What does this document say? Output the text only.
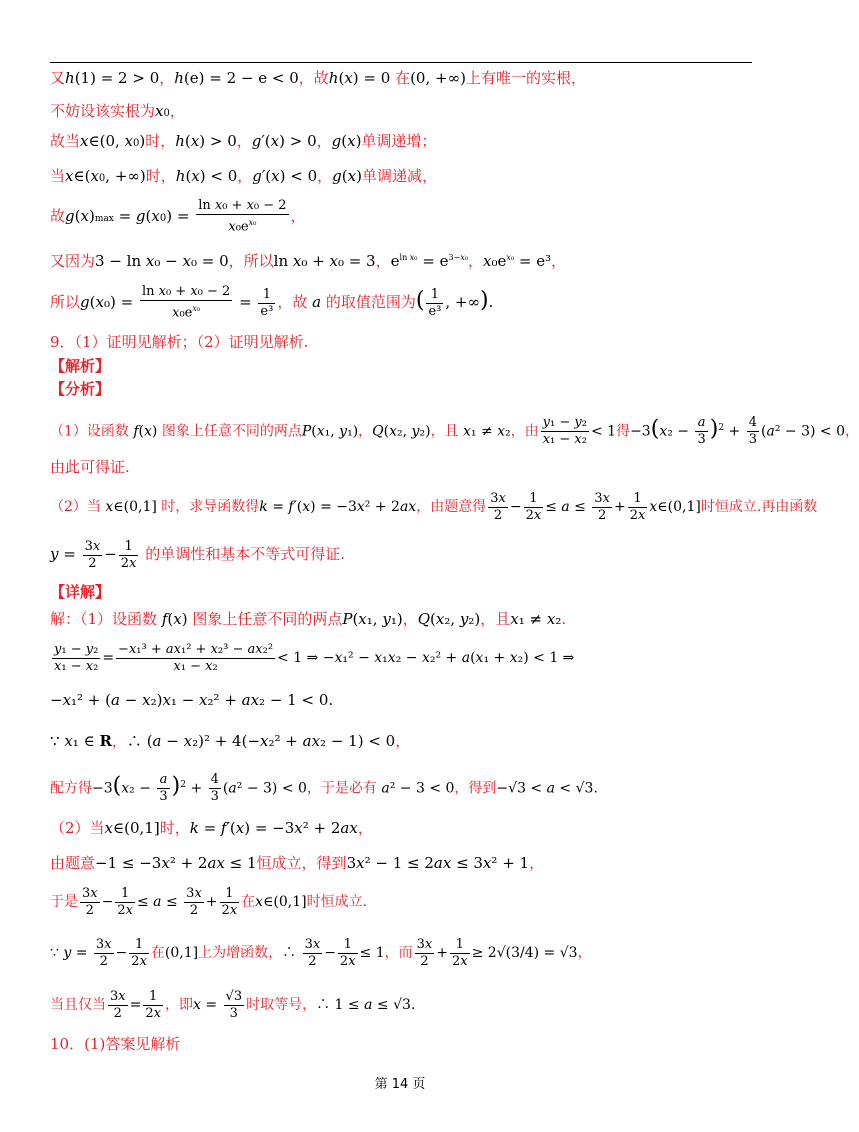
又h(1) = 2 > 0，h(e) = 2 − e < 0，故h(x) = 0 在(0, +∞)上有唯一的实根，
不妨设该实根为x0，
故当x∈(0, x0)时，h(x) > 0，g′(x) > 0，g(x)单调递增；
当x∈(x0, +∞)时，h(x) < 0，g′(x) < 0，g(x)单调递减，
故$g(x)\max = g(x0) = \frac{\text{ln x₀ + x₀ − 2}}{x_0e^{x_0}}$ ，
又因为3 − ln x₀ − x₀ = 0，所以ln x₀ + x₀ = 3，$e^{ln x_0} = e^{3-x_0}$，$x_0e^{x_0} = e^3$，
所以$g(x_0) = \frac{\text{ln x₀ + x₀ − 2}}{x_0e^{x_0}} = \frac{1}{\text{e³}}$ ，故 a 的取值范围为( $\frac{1}{\text{e³}}$ , +∞).
9．（1）证明见解析；（2）证明见解析.
【解析】
【分析】
（1）设函数 f(x) 图象上任意不同的两点P(x₁, y₁)，Q(x₂, y₂)，且 x₁ ≠ x₂，由 $\frac{\text{y₁ − y₂}}{\text{x₁ − x₂}} < 1$得$-3(x_2 - \frac{a}{3} )^2 + \frac{4}{3} (a^2 - 3) < 0$，
由此可得证.
（2）当 x∈(0,1] 时，求导函数得k = f′(x) = −3x² + 2ax，由题意得 $\frac{3x}{2} - \frac{1}{2x} \le a \le \frac{3x}{2} + \frac{1}{2x}$ x∈(0,1]时恒成立.再由函数
$y = \frac{3x}{2} - \frac{1}{2x}$ 的单调性和基本不等式可得证.
【详解】
解：（1）设函数 f(x) 图象上任意不同的两点P(x₁, y₁)，Q(x₂, y₂)，且x₁ ≠ x₂.
$\frac{\text{y₁ − y₂}}{\text{x₁ − x₂}} = \frac{\text{−x₁³ + ax₁² + x₂³ − ax₂²}}{\text{x₁ − x₂}} < 1$ ⇒ −x₁² − x₁x₂ − x₂² + a(x₁ + x₂) < 1 ⇒
−x₁² + (a − x₂)x₁ − x₂² + ax₂ − 1 < 0.
∵ x₁ ∈ R，∴ (a − x₂)² + 4(−x₂² + ax₂ − 1) < 0，
配方得$-3(x_2 - \frac{a}{3} )^2 + \frac{4}{3} (a^2 - 3) < 0$，于是必有 a² − 3 < 0，得到−√3 < a < √3.
（2）当x∈(0,1]时，k = f′(x) = −3x² + 2ax，
由题意−1 ≤ −3x² + 2ax ≤ 1恒成立，得到3x² − 1 ≤ 2ax ≤ 3x² + 1，
于是 $\frac{3x}{2} - \frac{1}{2x} \le a \le \frac{3x}{2} + \frac{1}{2x}$ 在x∈(0,1]时恒成立.
∵ $y = \frac{3x}{2} - \frac{1}{2x}$ 在(0,1]上为增函数，∴ $\frac{3x}{2} - \frac{1}{2x} \le 1$，而 $\frac{3x}{2} + \frac{1}{2x} \ge 2√(3/4) = √3$，
当且仅当 $\frac{3x}{2} = \frac{1}{2x}$ ，即$x = \frac{√3}{3}$ 时取等号，∴ 1 ≤ a ≤ √3.
10．(1)答案见解析
第 14 页
